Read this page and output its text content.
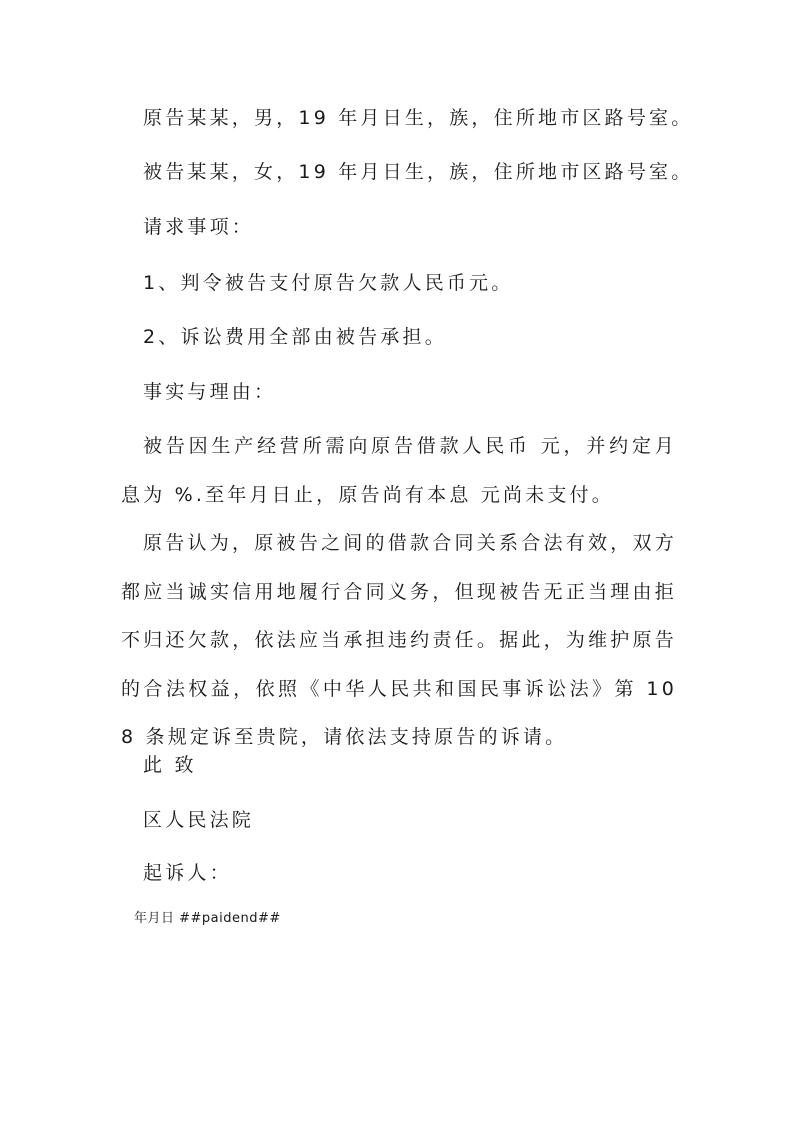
原告某某，男，19 年月日生，族，住所地市区路号室。
被告某某，女，19 年月日生，族，住所地市区路号室。
请求事项：
1、判令被告支付原告欠款人民币元。
2、诉讼费用全部由被告承担。
事实与理由：
被告因生产经营所需向原告借款人民币 元，并约定月息为 %.至年月日止，原告尚有本息 元尚未支付。
原告认为，原被告之间的借款合同关系合法有效，双方都应当诚实信用地履行合同义务，但现被告无正当理由拒不归还欠款，依法应当承担违约责任。据此，为维护原告的合法权益，依照《中华人民共和国民事诉讼法》第 108 条规定诉至贵院，请依法支持原告的诉请。
此 致
区人民法院
起诉人：
年月日 ##paidend##
